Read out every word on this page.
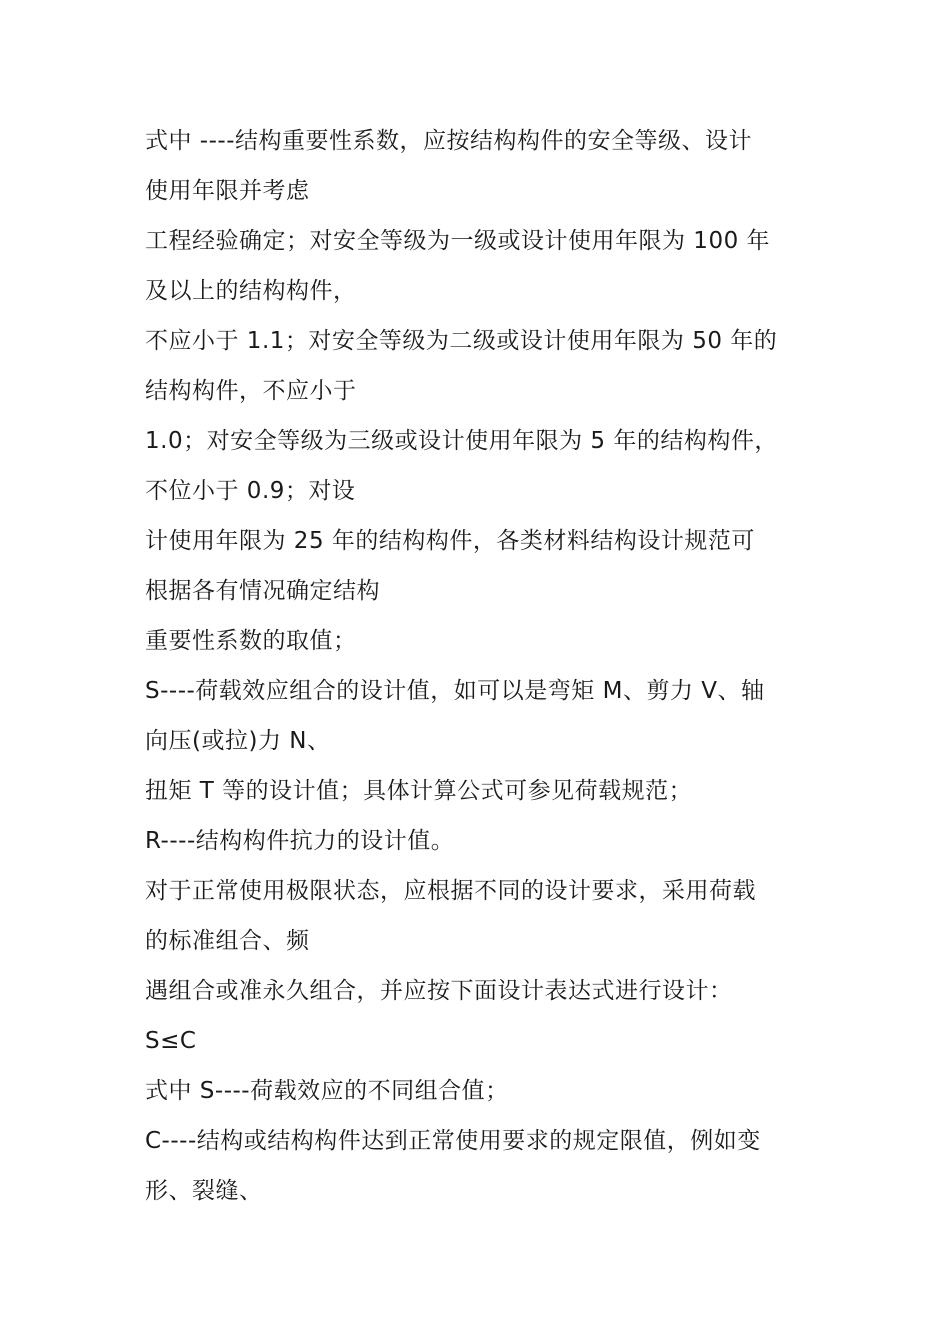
式中 ----结构重要性系数，应按结构构件的安全等级、设计
使用年限并考虑
工程经验确定；对安全等级为一级或设计使用年限为 100 年
及以上的结构构件，
不应小于 1.1；对安全等级为二级或设计使用年限为 50 年的
结构构件，不应小于
1.0；对安全等级为三级或设计使用年限为 5 年的结构构件，
不位小于 0.9；对设
计使用年限为 25 年的结构构件，各类材料结构设计规范可
根据各有情况确定结构
重要性系数的取值；
S----荷载效应组合的设计值，如可以是弯矩 M、剪力 V、轴
向压(或拉)力 N、
扭矩 T 等的设计值；具体计算公式可参见荷载规范；
R----结构构件抗力的设计值。
对于正常使用极限状态，应根据不同的设计要求，采用荷载
的标准组合、频
遇组合或准永久组合，并应按下面设计表达式进行设计：
S≤C
式中 S----荷载效应的不同组合值；
C----结构或结构构件达到正常使用要求的规定限值，例如变
形、裂缝、
